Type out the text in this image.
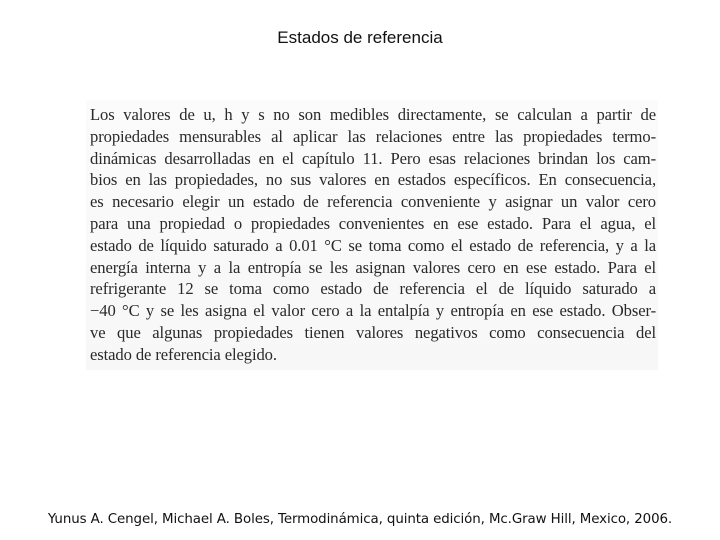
Estados de referencia
Los valores de u, h y s no son medibles directamente, se calculan a partir de
propiedades mensurables al aplicar las relaciones entre las propiedades termo-
dinámicas desarrolladas en el capítulo 11. Pero esas relaciones brindan los cam-
bios en las propiedades, no sus valores en estados específicos. En consecuencia,
es necesario elegir un estado de referencia conveniente y asignar un valor cero
para una propiedad o propiedades convenientes en ese estado. Para el agua, el
estado de líquido saturado a 0.01 °C se toma como el estado de referencia, y a la
energía interna y a la entropía se les asignan valores cero en ese estado. Para el
refrigerante 12 se toma como estado de referencia el de líquido saturado a
−40 °C y se les asigna el valor cero a la entalpía y entropía en ese estado. Obser-
ve que algunas propiedades tienen valores negativos como consecuencia del
estado de referencia elegido.
Yunus A. Cengel, Michael A. Boles, Termodinámica, quinta edición, Mc.Graw Hill, Mexico, 2006.
